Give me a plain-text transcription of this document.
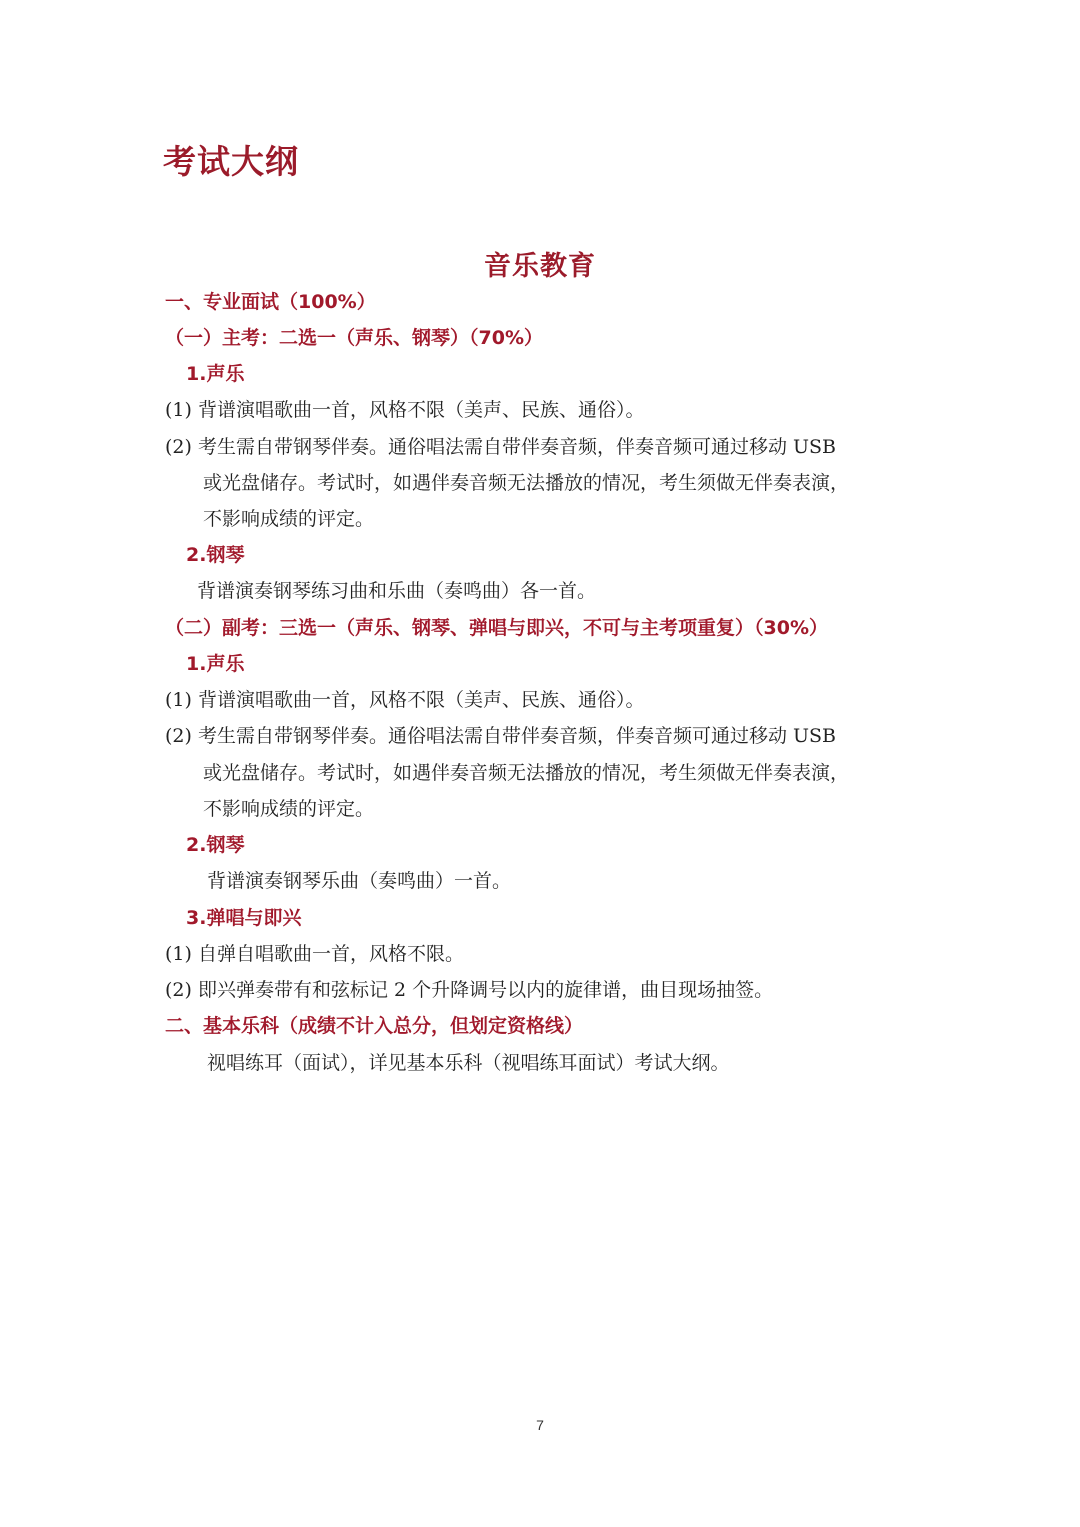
考试大纲
音乐教育
一、专业面试（100%）
（一）主考：二选一（声乐、钢琴）（70%）
1.声乐
(1) 背谱演唱歌曲一首，风格不限（美声、民族、通俗）。
(2) 考生需自带钢琴伴奏。通俗唱法需自带伴奏音频，伴奏音频可通过移动 USB
或光盘储存。考试时，如遇伴奏音频无法播放的情况，考生须做无伴奏表演，
不影响成绩的评定。
2.钢琴
背谱演奏钢琴练习曲和乐曲（奏鸣曲）各一首。
（二）副考：三选一（声乐、钢琴、弹唱与即兴，不可与主考项重复）（30%）
1.声乐
(1) 背谱演唱歌曲一首，风格不限（美声、民族、通俗）。
(2) 考生需自带钢琴伴奏。通俗唱法需自带伴奏音频，伴奏音频可通过移动 USB
或光盘储存。考试时，如遇伴奏音频无法播放的情况，考生须做无伴奏表演，
不影响成绩的评定。
2.钢琴
背谱演奏钢琴乐曲（奏鸣曲）一首。
3.弹唱与即兴
(1) 自弹自唱歌曲一首，风格不限。
(2) 即兴弹奏带有和弦标记 2 个升降调号以内的旋律谱，曲目现场抽签。
二、基本乐科（成绩不计入总分，但划定资格线）
视唱练耳（面试），详见基本乐科（视唱练耳面试）考试大纲。
7
